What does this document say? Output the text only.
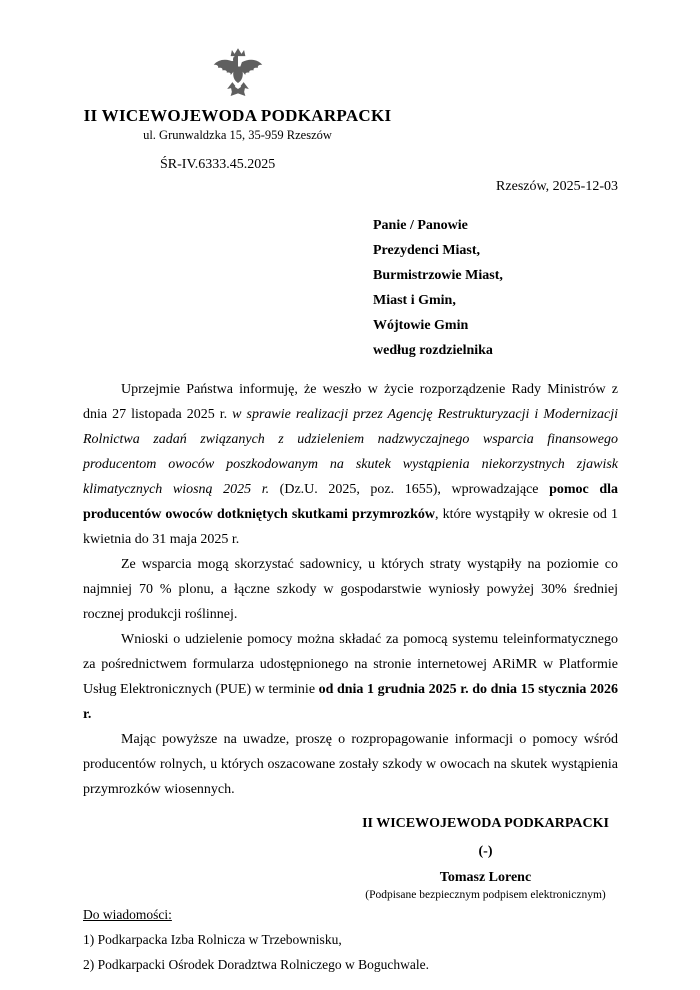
II WICEWOJEWODA PODKARPACKI
ul. Grunwaldzka 15, 35-959 Rzeszów
ŚR-IV.6333.45.2025
Rzeszów, 2025-12-03
Panie / Panowie
Prezydenci Miast,
Burmistrzowie Miast,
Miast i Gmin,
Wójtowie Gmin
według rozdzielnika

Uprzejmie Państwa informuję, że weszło w życie rozporządzenie Rady Ministrów z dnia 27 listopada 2025 r. w sprawie realizacji przez Agencję Restrukturyzacji i Modernizacji Rolnictwa zadań związanych z udzieleniem nadzwyczajnego wsparcia finansowego producentom owoców poszkodowanym na skutek wystąpienia niekorzystnych zjawisk klimatycznych wiosną 2025 r. (Dz.U. 2025, poz. 1655), wprowadzające pomoc dla producentów owoców dotkniętych skutkami przymrozków, które wystąpiły w okresie od 1 kwietnia do 31 maja 2025 r.

Ze wsparcia mogą skorzystać sadownicy, u których straty wystąpiły na poziomie co najmniej 70 % plonu, a łączne szkody w gospodarstwie wyniosły powyżej 30% średniej rocznej produkcji roślinnej.

Wnioski o udzielenie pomocy można składać za pomocą systemu teleinformatycznego za pośrednictwem formularza udostępnionego na stronie internetowej ARiMR w Platformie Usług Elektronicznych (PUE) w terminie od dnia 1 grudnia 2025 r. do dnia 15 stycznia 2026 r.

Mając powyższe na uwadze, proszę o rozpropagowanie informacji o pomocy wśród producentów rolnych, u których oszacowane zostały szkody w owocach na skutek wystąpienia przymrozków wiosennych.

II WICEWOJEWODA PODKARPACKI
(-)
Tomasz Lorenc
(Podpisane bezpiecznym podpisem elektronicznym)
Do wiadomości:
1) Podkarpacka Izba Rolnicza w Trzebownisku,
2) Podkarpacki Ośrodek Doradztwa Rolniczego w Boguchwale.
